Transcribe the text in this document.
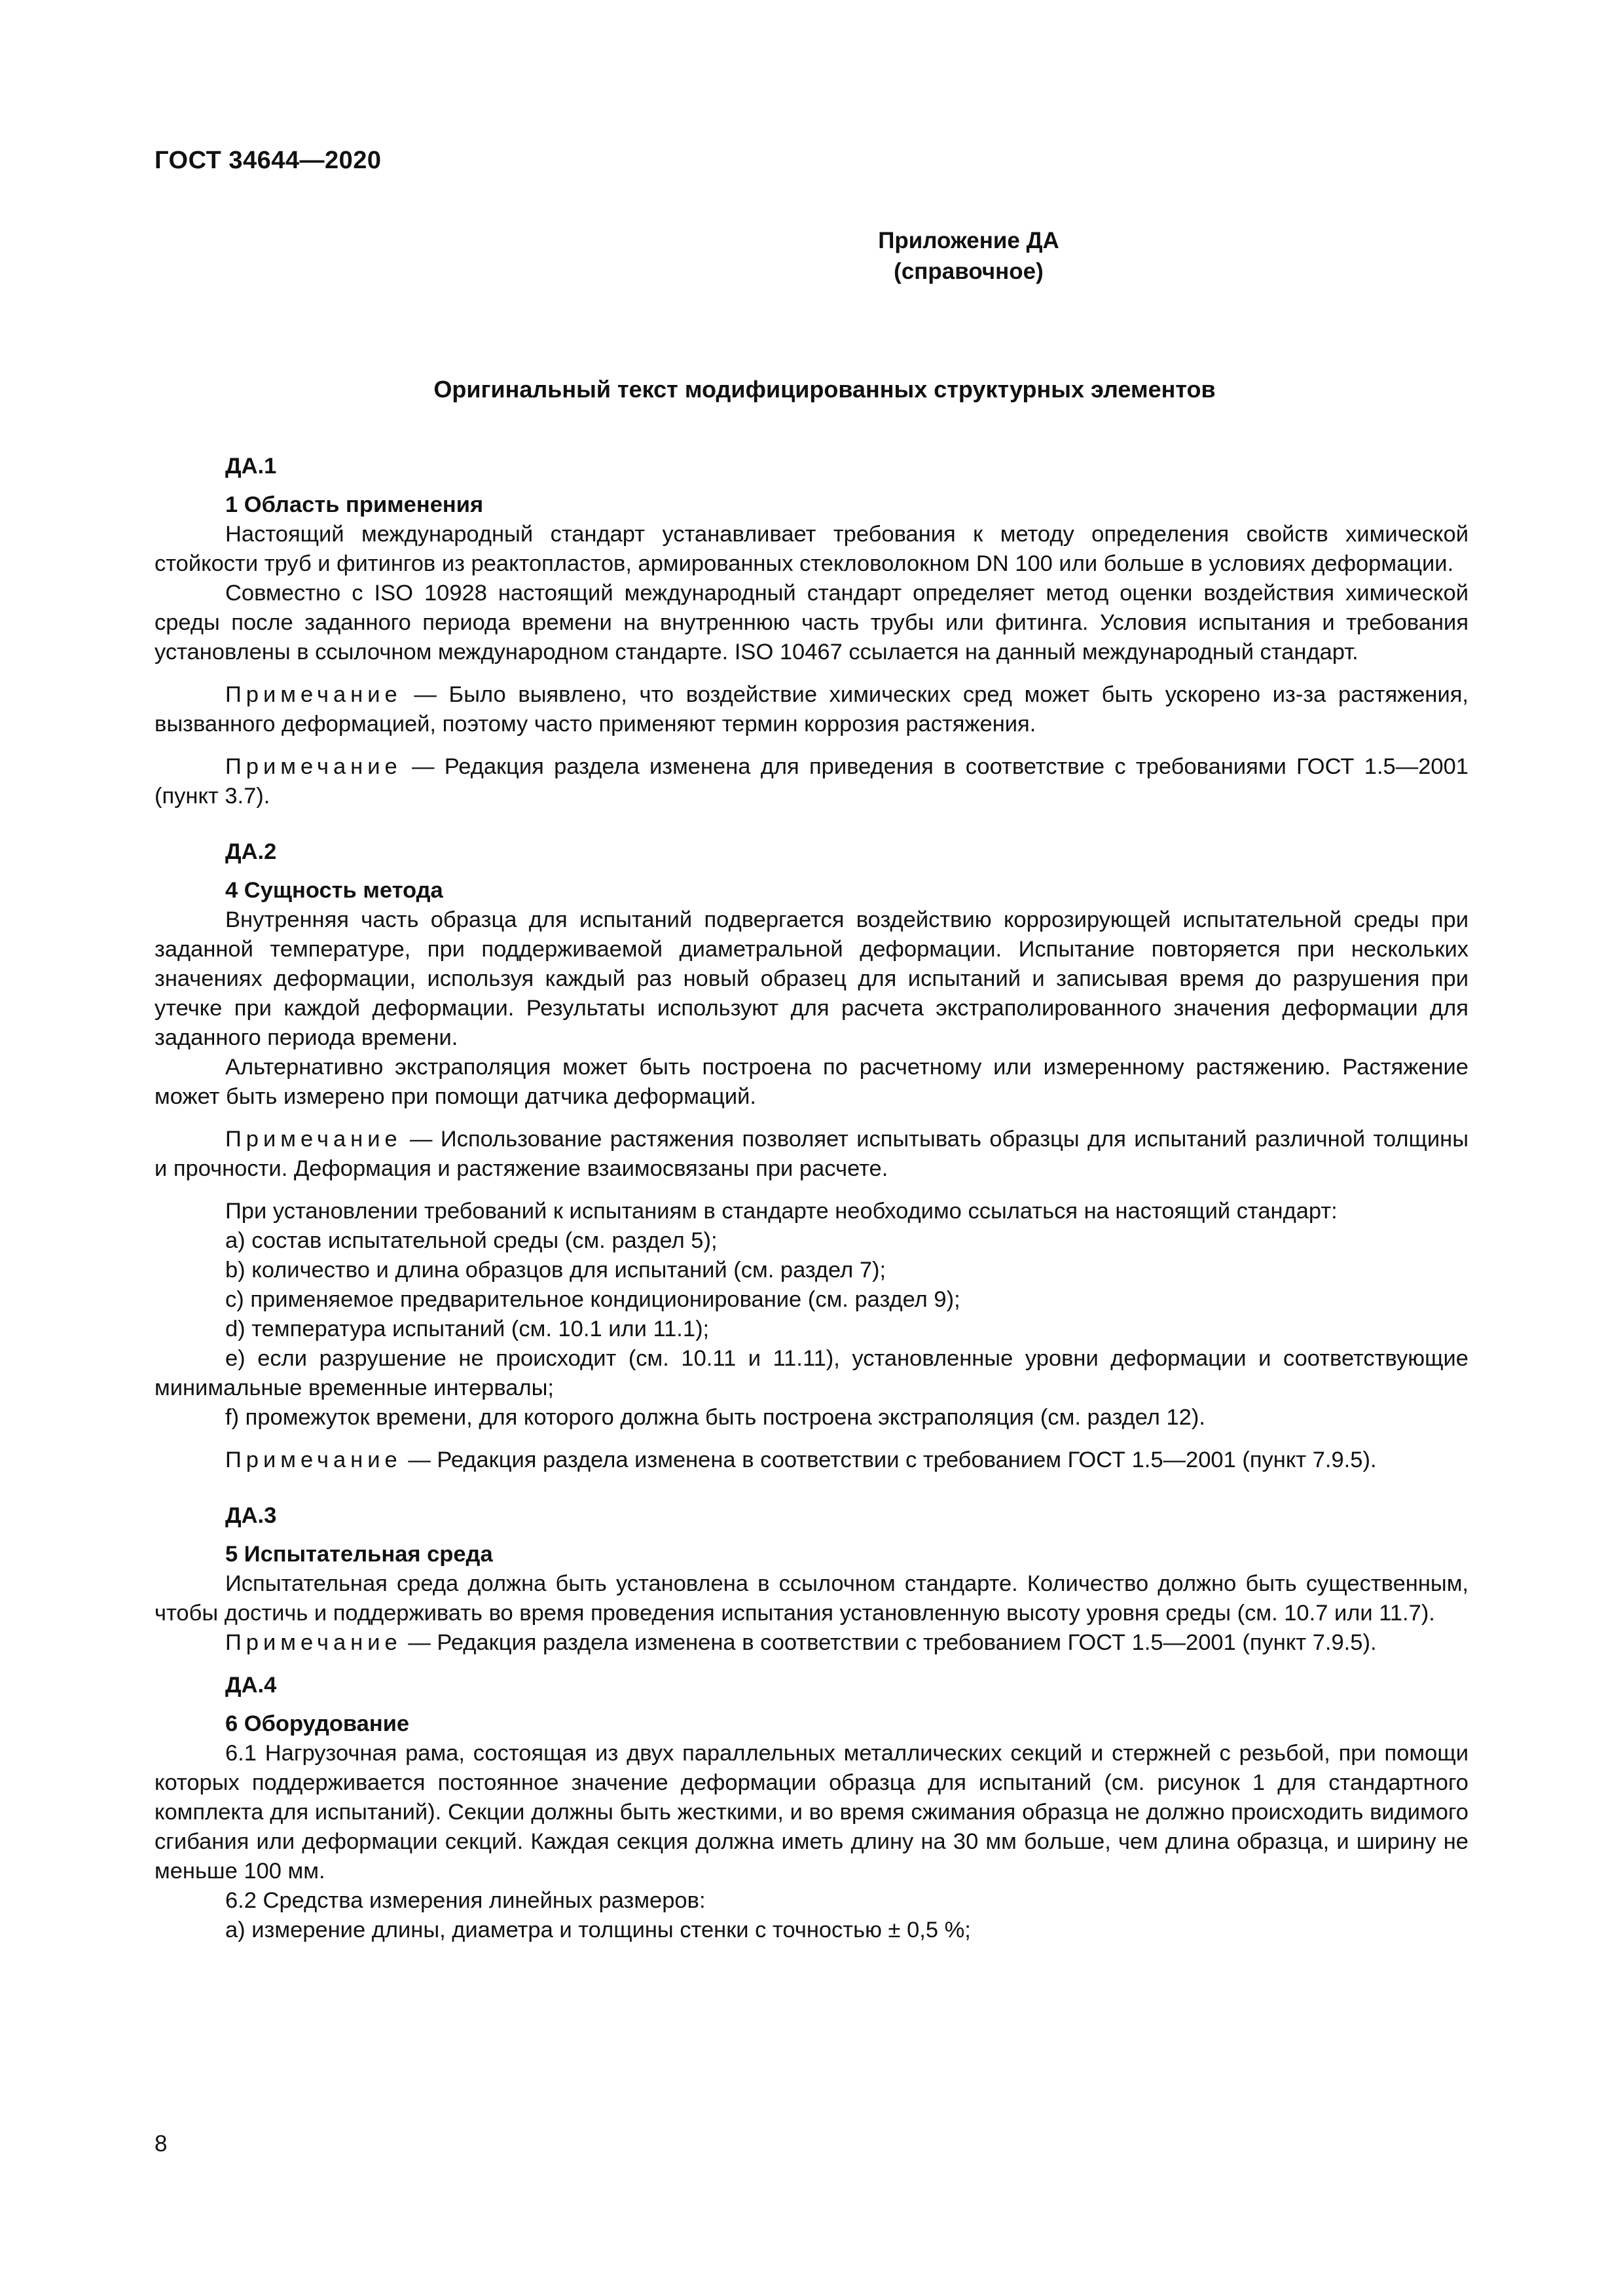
ГОСТ 34644—2020
Приложение ДА
(справочное)
Оригинальный текст модифицированных структурных элементов

ДА.1

1 Область применения

Настоящий международный стандарт устанавливает требования к методу определения свойств химической стойкости труб и фитингов из реактопластов, армированных стекловолокном DN 100 или больше в условиях деформации.

Совместно с ISO 10928 настоящий международный стандарт определяет метод оценки воздействия химической среды после заданного периода времени на внутреннюю часть трубы или фитинга. Условия испытания и требования установлены в ссылочном международном стандарте. ISO 10467 ссылается на данный международный стандарт.

Примечание — Было выявлено, что воздействие химических сред может быть ускорено из-за растяжения, вызванного деформацией, поэтому часто применяют термин коррозия растяжения.

Примечание — Редакция раздела изменена для приведения в соответствие с требованиями ГОСТ 1.5—2001 (пункт 3.7).

ДА.2

4 Сущность метода

Внутренняя часть образца для испытаний подвергается воздействию коррозирующей испытательной среды при заданной температуре, при поддерживаемой диаметральной деформации. Испытание повторяется при нескольких значениях деформации, используя каждый раз новый образец для испытаний и записывая время до разрушения при утечке при каждой деформации. Результаты используют для расчета экстраполированного значения деформации для заданного периода времени.

Альтернативно экстраполяция может быть построена по расчетному или измеренному растяжению. Растяжение может быть измерено при помощи датчика деформаций.

Примечание — Использование растяжения позволяет испытывать образцы для испытаний различной толщины и прочности. Деформация и растяжение взаимосвязаны при расчете.

При установлении требований к испытаниям в стандарте необходимо ссылаться на настоящий стандарт:

a) состав испытательной среды (см. раздел 5);

b) количество и длина образцов для испытаний (см. раздел 7);

c) применяемое предварительное кондиционирование (см. раздел 9);

d) температура испытаний (см. 10.1 или 11.1);

e) если разрушение не происходит (см. 10.11 и 11.11), установленные уровни деформации и соответствующие минимальные временные интервалы;

f) промежуток времени, для которого должна быть построена экстраполяция (см. раздел 12).

Примечание — Редакция раздела изменена в соответствии с требованием ГОСТ 1.5—2001 (пункт 7.9.5).

ДА.3

5 Испытательная среда

Испытательная среда должна быть установлена в ссылочном стандарте. Количество должно быть существенным, чтобы достичь и поддерживать во время проведения испытания установленную высоту уровня среды (см. 10.7 или 11.7).

Примечание — Редакция раздела изменена в соответствии с требованием ГОСТ 1.5—2001 (пункт 7.9.5).

ДА.4

6 Оборудование

6.1 Нагрузочная рама, состоящая из двух параллельных металлических секций и стержней с резьбой, при помощи которых поддерживается постоянное значение деформации образца для испытаний (см. рисунок 1 для стандартного комплекта для испытаний). Секции должны быть жесткими, и во время сжимания образца не должно происходить видимого сгибания или деформации секций. Каждая секция должна иметь длину на 30 мм больше, чем длина образца, и ширину не меньше 100 мм.

6.2 Средства измерения линейных размеров:

a) измерение длины, диаметра и толщины стенки с точностью ± 0,5 %;

8
